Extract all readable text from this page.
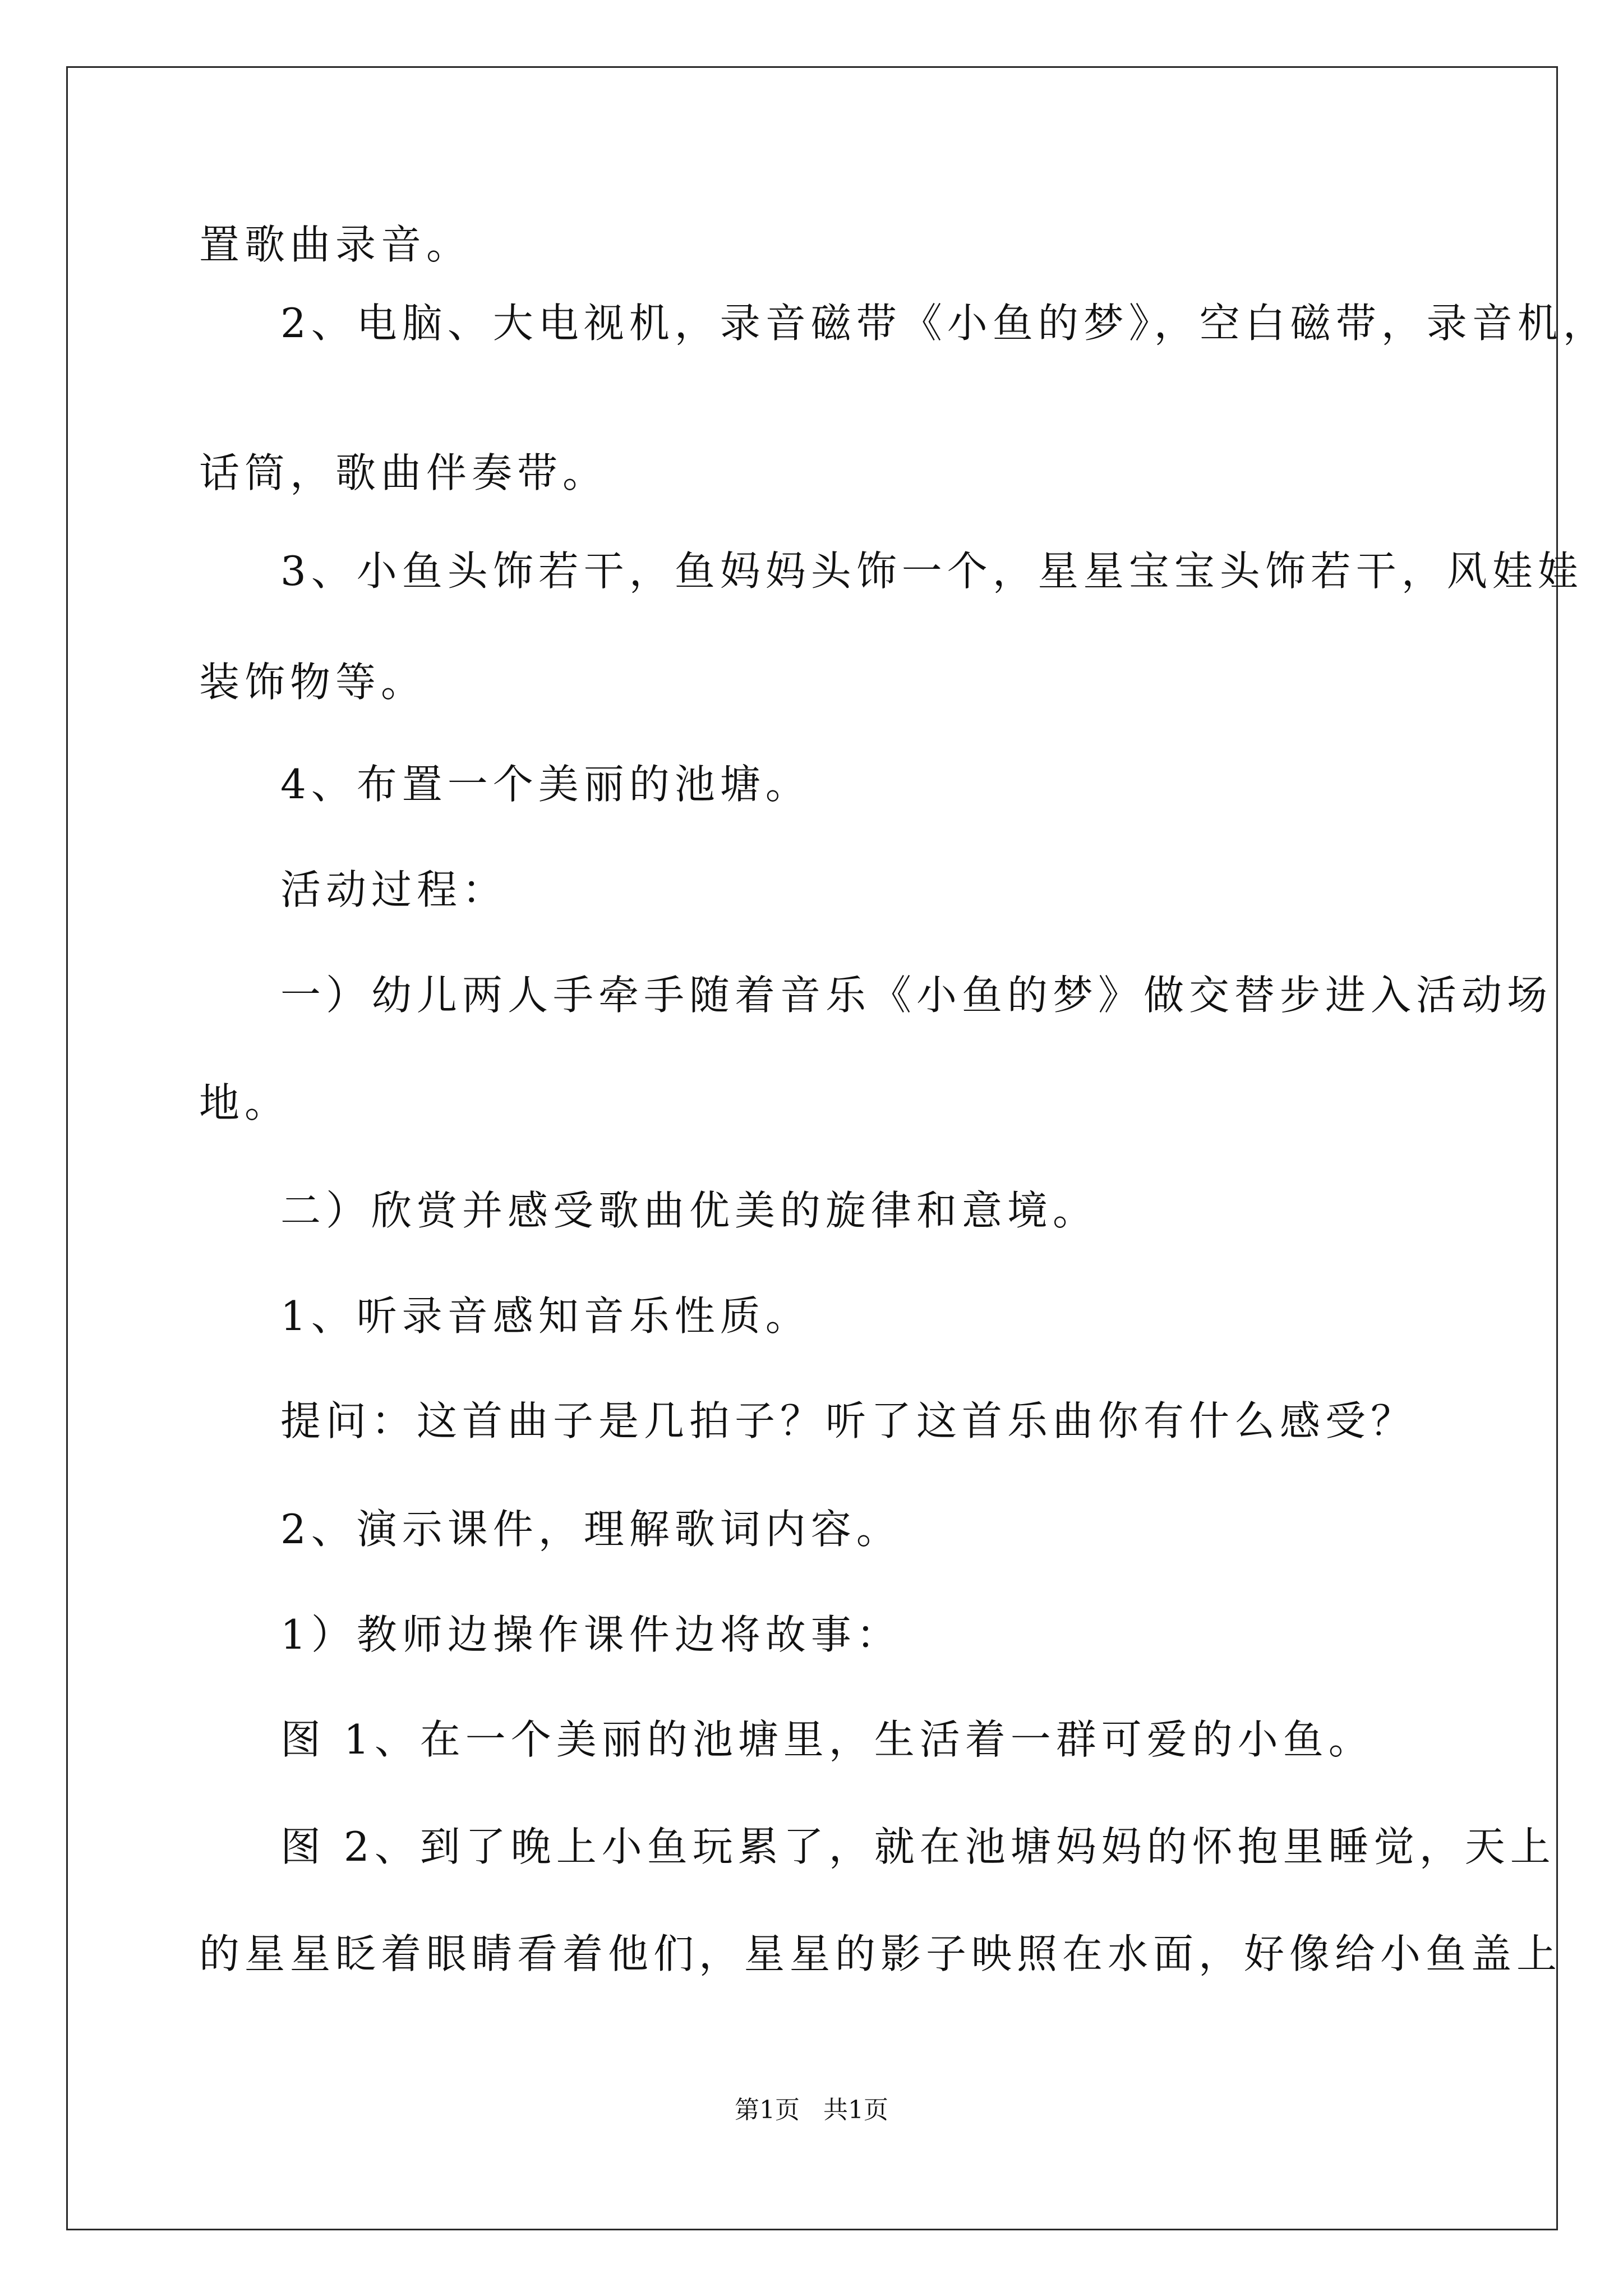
置歌曲录音。
2、电脑、大电视机，录音磁带《小鱼的梦》，空白磁带，录音机，
话筒，歌曲伴奏带。
3、小鱼头饰若干，鱼妈妈头饰一个，星星宝宝头饰若干，风娃娃
装饰物等。
4、布置一个美丽的池塘。
活动过程：
一）幼儿两人手牵手随着音乐《小鱼的梦》做交替步进入活动场
地。
二）欣赏并感受歌曲优美的旋律和意境。
1、听录音感知音乐性质。
提问：这首曲子是几拍子？听了这首乐曲你有什么感受？
2、演示课件，理解歌词内容。
1）教师边操作课件边将故事：
图 1、在一个美丽的池塘里，生活着一群可爱的小鱼。
图 2、到了晚上小鱼玩累了，就在池塘妈妈的怀抱里睡觉，天上
的星星眨着眼睛看着他们，星星的影子映照在水面，好像给小鱼盖上
第1页   共1页
